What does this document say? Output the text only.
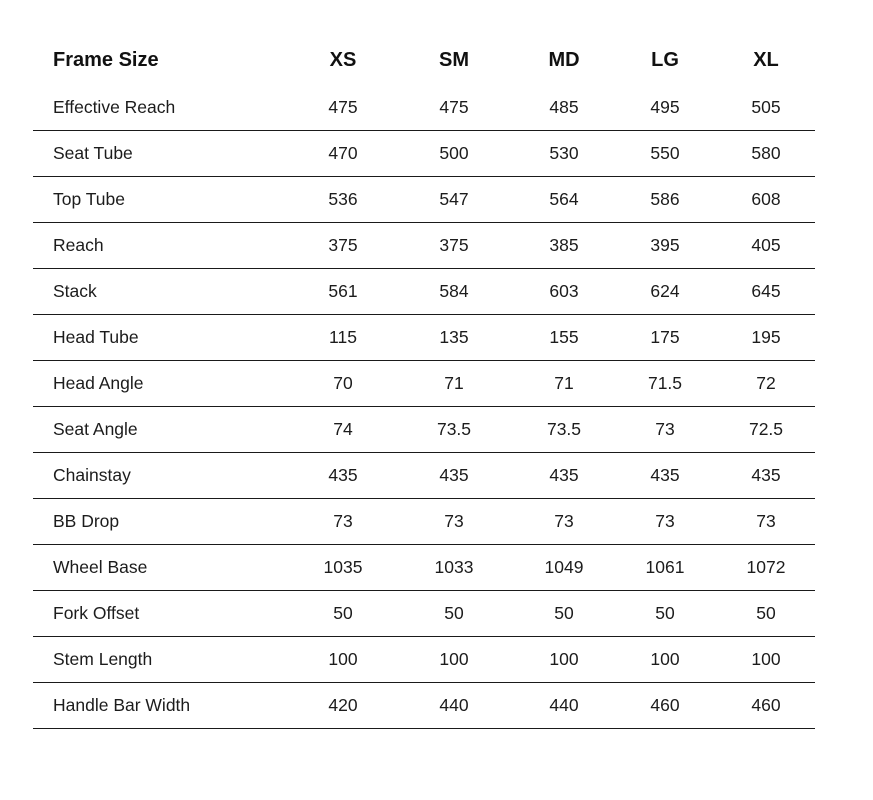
Frame Size	XS	SM	MD	LG	XL
Effective Reach	475	475	485	495	505
Seat Tube	470	500	530	550	580
Top Tube	536	547	564	586	608
Reach	375	375	385	395	405
Stack	561	584	603	624	645
Head Tube	115	135	155	175	195
Head Angle	70	71	71	71.5	72
Seat Angle	74	73.5	73.5	73	72.5
Chainstay	435	435	435	435	435
BB Drop	73	73	73	73	73
Wheel Base	1035	1033	1049	1061	1072
Fork Offset	50	50	50	50	50
Stem Length	100	100	100	100	100
Handle Bar Width	420	440	440	460	460
